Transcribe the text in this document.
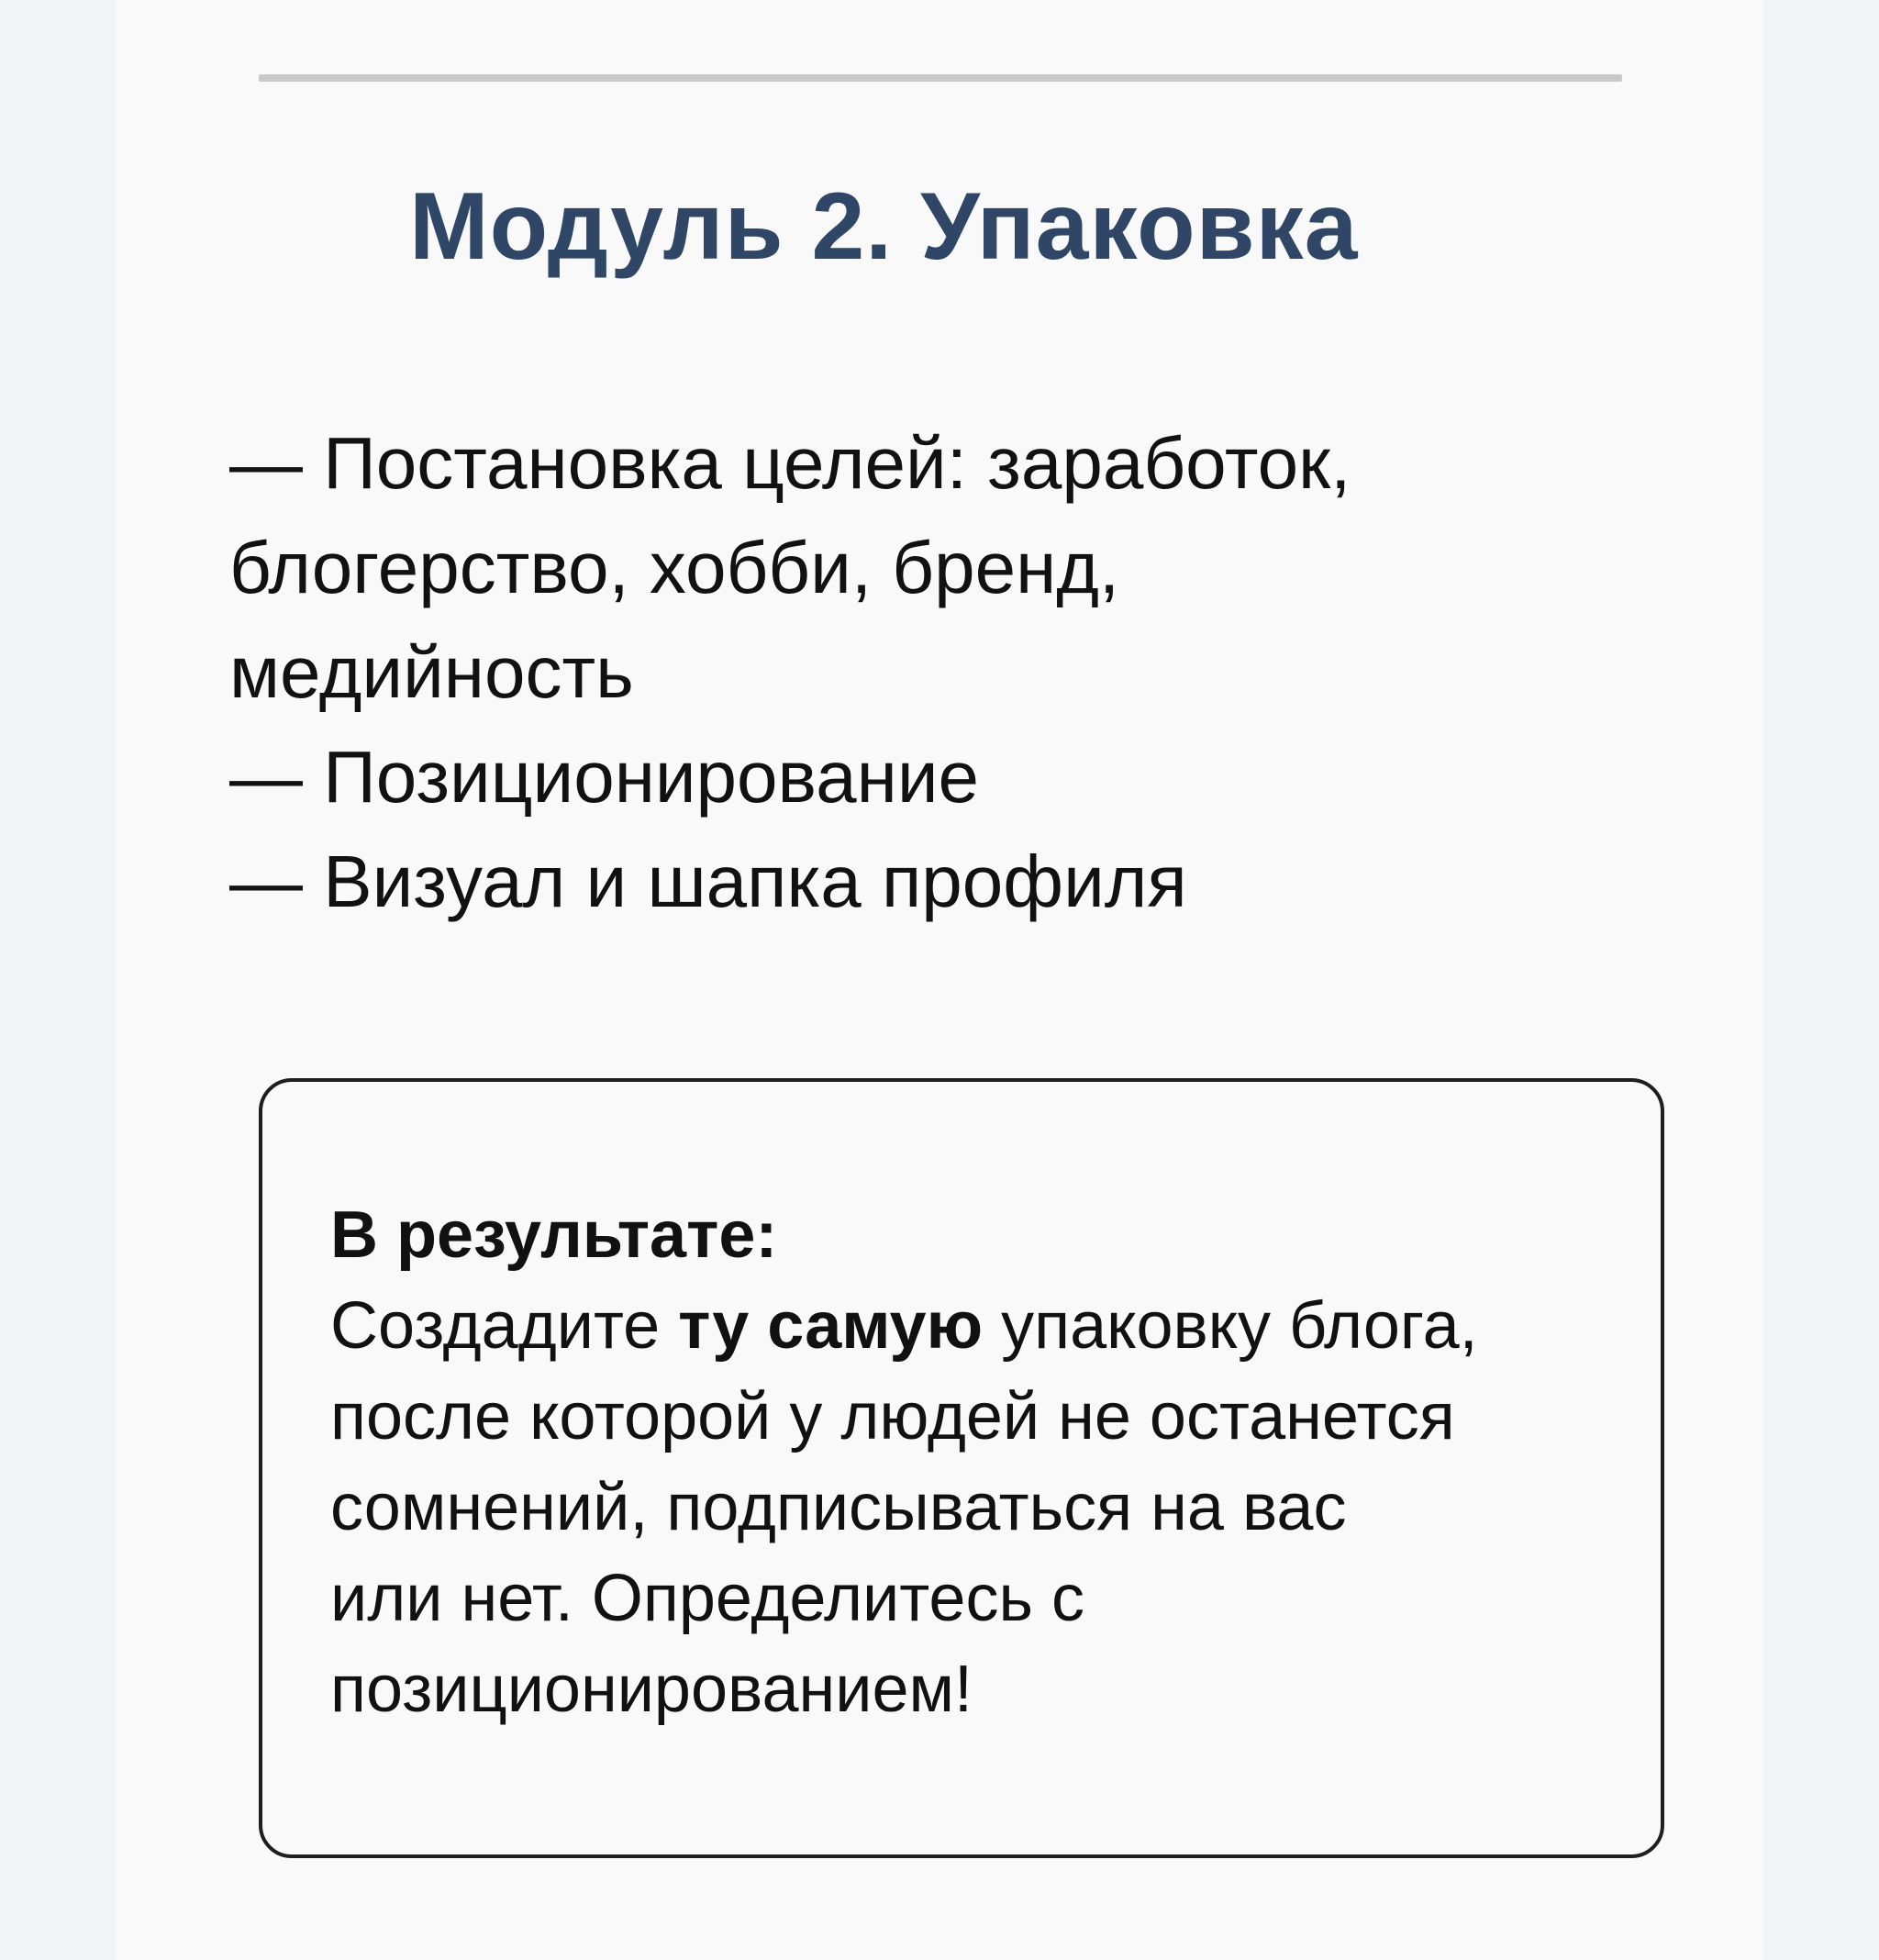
Модуль 2. Упаковка
— Постановка целей: заработок,
блогерство, хобби, бренд,
медийность
— Позиционирование
— Визуал и шапка профиля
В результате:
Создадите ту самую упаковку блога,
после которой у людей не останется
сомнений, подписываться на вас
или нет. Определитесь с
позиционированием!
